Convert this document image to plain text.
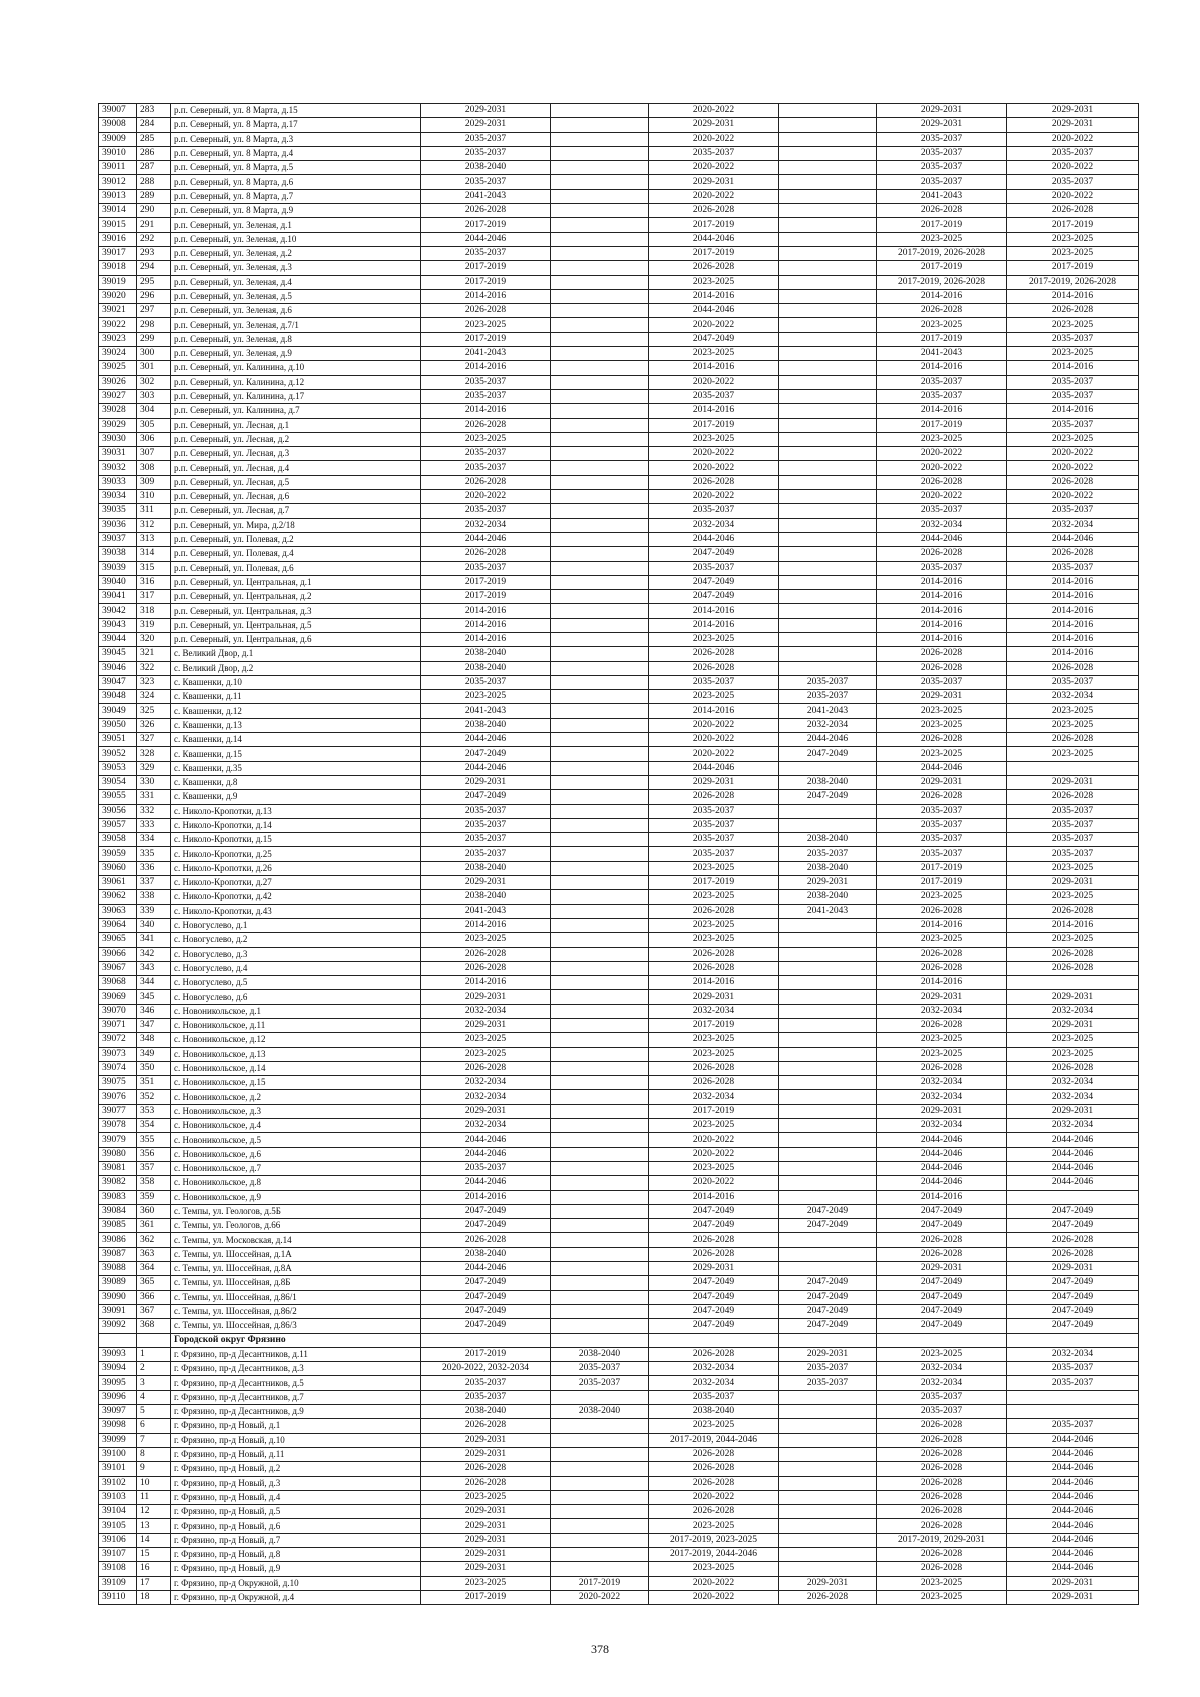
39007	283	р.п. Северный, ул. 8 Марта, д.15	2029-2031		2020-2022		2029-2031	2029-2031
39008	284	р.п. Северный, ул. 8 Марта, д.17	2029-2031		2029-2031		2029-2031	2029-2031
39009	285	р.п. Северный, ул. 8 Марта, д.3	2035-2037		2020-2022		2035-2037	2020-2022
39010	286	р.п. Северный, ул. 8 Марта, д.4	2035-2037		2035-2037		2035-2037	2035-2037
39011	287	р.п. Северный, ул. 8 Марта, д.5	2038-2040		2020-2022		2035-2037	2020-2022
39012	288	р.п. Северный, ул. 8 Марта, д.6	2035-2037		2029-2031		2035-2037	2035-2037
39013	289	р.п. Северный, ул. 8 Марта, д.7	2041-2043		2020-2022		2041-2043	2020-2022
39014	290	р.п. Северный, ул. 8 Марта, д.9	2026-2028		2026-2028		2026-2028	2026-2028
39015	291	р.п. Северный, ул. Зеленая, д.1	2017-2019		2017-2019		2017-2019	2017-2019
39016	292	р.п. Северный, ул. Зеленая, д.10	2044-2046		2044-2046		2023-2025	2023-2025
39017	293	р.п. Северный, ул. Зеленая, д.2	2035-2037		2017-2019		2017-2019, 2026-2028	2023-2025
39018	294	р.п. Северный, ул. Зеленая, д.3	2017-2019		2026-2028		2017-2019	2017-2019
39019	295	р.п. Северный, ул. Зеленая, д.4	2017-2019		2023-2025		2017-2019, 2026-2028	2017-2019, 2026-2028
39020	296	р.п. Северный, ул. Зеленая, д.5	2014-2016		2014-2016		2014-2016	2014-2016
39021	297	р.п. Северный, ул. Зеленая, д.6	2026-2028		2044-2046		2026-2028	2026-2028
39022	298	р.п. Северный, ул. Зеленая, д.7/1	2023-2025		2020-2022		2023-2025	2023-2025
39023	299	р.п. Северный, ул. Зеленая, д.8	2017-2019		2047-2049		2017-2019	2035-2037
39024	300	р.п. Северный, ул. Зеленая, д.9	2041-2043		2023-2025		2041-2043	2023-2025
39025	301	р.п. Северный, ул. Калинина, д.10	2014-2016		2014-2016		2014-2016	2014-2016
39026	302	р.п. Северный, ул. Калинина, д.12	2035-2037		2020-2022		2035-2037	2035-2037
39027	303	р.п. Северный, ул. Калинина, д.17	2035-2037		2035-2037		2035-2037	2035-2037
39028	304	р.п. Северный, ул. Калинина, д.7	2014-2016		2014-2016		2014-2016	2014-2016
39029	305	р.п. Северный, ул. Лесная, д.1	2026-2028		2017-2019		2017-2019	2035-2037
39030	306	р.п. Северный, ул. Лесная, д.2	2023-2025		2023-2025		2023-2025	2023-2025
39031	307	р.п. Северный, ул. Лесная, д.3	2035-2037		2020-2022		2020-2022	2020-2022
39032	308	р.п. Северный, ул. Лесная, д.4	2035-2037		2020-2022		2020-2022	2020-2022
39033	309	р.п. Северный, ул. Лесная, д.5	2026-2028		2026-2028		2026-2028	2026-2028
39034	310	р.п. Северный, ул. Лесная, д.6	2020-2022		2020-2022		2020-2022	2020-2022
39035	311	р.п. Северный, ул. Лесная, д.7	2035-2037		2035-2037		2035-2037	2035-2037
39036	312	р.п. Северный, ул. Мира, д.2/18	2032-2034		2032-2034		2032-2034	2032-2034
39037	313	р.п. Северный, ул. Полевая, д.2	2044-2046		2044-2046		2044-2046	2044-2046
39038	314	р.п. Северный, ул. Полевая, д.4	2026-2028		2047-2049		2026-2028	2026-2028
39039	315	р.п. Северный, ул. Полевая, д.6	2035-2037		2035-2037		2035-2037	2035-2037
39040	316	р.п. Северный, ул. Центральная, д.1	2017-2019		2047-2049		2014-2016	2014-2016
39041	317	р.п. Северный, ул. Центральная, д.2	2017-2019		2047-2049		2014-2016	2014-2016
39042	318	р.п. Северный, ул. Центральная, д.3	2014-2016		2014-2016		2014-2016	2014-2016
39043	319	р.п. Северный, ул. Центральная, д.5	2014-2016		2014-2016		2014-2016	2014-2016
39044	320	р.п. Северный, ул. Центральная, д.6	2014-2016		2023-2025		2014-2016	2014-2016
39045	321	с. Великий Двор, д.1	2038-2040		2026-2028		2026-2028	2014-2016
39046	322	с. Великий Двор, д.2	2038-2040		2026-2028		2026-2028	2026-2028
39047	323	с. Квашенки, д.10	2035-2037		2035-2037	2035-2037	2035-2037	2035-2037
39048	324	с. Квашенки, д.11	2023-2025		2023-2025	2035-2037	2029-2031	2032-2034
39049	325	с. Квашенки, д.12	2041-2043		2014-2016	2041-2043	2023-2025	2023-2025
39050	326	с. Квашенки, д.13	2038-2040		2020-2022	2032-2034	2023-2025	2023-2025
39051	327	с. Квашенки, д.14	2044-2046		2020-2022	2044-2046	2026-2028	2026-2028
39052	328	с. Квашенки, д.15	2047-2049		2020-2022	2047-2049	2023-2025	2023-2025
39053	329	с. Квашенки, д.35	2044-2046		2044-2046		2044-2046	
39054	330	с. Квашенки, д.8	2029-2031		2029-2031	2038-2040	2029-2031	2029-2031
39055	331	с. Квашенки, д.9	2047-2049		2026-2028	2047-2049	2026-2028	2026-2028
39056	332	с. Николо-Кропотки, д.13	2035-2037		2035-2037		2035-2037	2035-2037
39057	333	с. Николо-Кропотки, д.14	2035-2037		2035-2037		2035-2037	2035-2037
39058	334	с. Николо-Кропотки, д.15	2035-2037		2035-2037	2038-2040	2035-2037	2035-2037
39059	335	с. Николо-Кропотки, д.25	2035-2037		2035-2037	2035-2037	2035-2037	2035-2037
39060	336	с. Николо-Кропотки, д.26	2038-2040		2023-2025	2038-2040	2017-2019	2023-2025
39061	337	с. Николо-Кропотки, д.27	2029-2031		2017-2019	2029-2031	2017-2019	2029-2031
39062	338	с. Николо-Кропотки, д.42	2038-2040		2023-2025	2038-2040	2023-2025	2023-2025
39063	339	с. Николо-Кропотки, д.43	2041-2043		2026-2028	2041-2043	2026-2028	2026-2028
39064	340	с. Новогуслево, д.1	2014-2016		2023-2025		2014-2016	2014-2016
39065	341	с. Новогуслево, д.2	2023-2025		2023-2025		2023-2025	2023-2025
39066	342	с. Новогуслево, д.3	2026-2028		2026-2028		2026-2028	2026-2028
39067	343	с. Новогуслево, д.4	2026-2028		2026-2028		2026-2028	2026-2028
39068	344	с. Новогуслево, д.5	2014-2016		2014-2016		2014-2016	
39069	345	с. Новогуслево, д.6	2029-2031		2029-2031		2029-2031	2029-2031
39070	346	с. Новоникольское, д.1	2032-2034		2032-2034		2032-2034	2032-2034
39071	347	с. Новоникольское, д.11	2029-2031		2017-2019		2026-2028	2029-2031
39072	348	с. Новоникольское, д.12	2023-2025		2023-2025		2023-2025	2023-2025
39073	349	с. Новоникольское, д.13	2023-2025		2023-2025		2023-2025	2023-2025
39074	350	с. Новоникольское, д.14	2026-2028		2026-2028		2026-2028	2026-2028
39075	351	с. Новоникольское, д.15	2032-2034		2026-2028		2032-2034	2032-2034
39076	352	с. Новоникольское, д.2	2032-2034		2032-2034		2032-2034	2032-2034
39077	353	с. Новоникольское, д.3	2029-2031		2017-2019		2029-2031	2029-2031
39078	354	с. Новоникольское, д.4	2032-2034		2023-2025		2032-2034	2032-2034
39079	355	с. Новоникольское, д.5	2044-2046		2020-2022		2044-2046	2044-2046
39080	356	с. Новоникольское, д.6	2044-2046		2020-2022		2044-2046	2044-2046
39081	357	с. Новоникольское, д.7	2035-2037		2023-2025		2044-2046	2044-2046
39082	358	с. Новоникольское, д.8	2044-2046		2020-2022		2044-2046	2044-2046
39083	359	с. Новоникольское, д.9	2014-2016		2014-2016		2014-2016	
39084	360	с. Темпы, ул. Геологов, д.5Б	2047-2049		2047-2049	2047-2049	2047-2049	2047-2049
39085	361	с. Темпы, ул. Геологов, д.66	2047-2049		2047-2049	2047-2049	2047-2049	2047-2049
39086	362	с. Темпы, ул. Московская, д.14	2026-2028		2026-2028		2026-2028	2026-2028
39087	363	с. Темпы, ул. Шоссейная, д.1А	2038-2040		2026-2028		2026-2028	2026-2028
39088	364	с. Темпы, ул. Шоссейная, д.8А	2044-2046		2029-2031		2029-2031	2029-2031
39089	365	с. Темпы, ул. Шоссейная, д.8Б	2047-2049		2047-2049	2047-2049	2047-2049	2047-2049
39090	366	с. Темпы, ул. Шоссейная, д.86/1	2047-2049		2047-2049	2047-2049	2047-2049	2047-2049
39091	367	с. Темпы, ул. Шоссейная, д.86/2	2047-2049		2047-2049	2047-2049	2047-2049	2047-2049
39092	368	с. Темпы, ул. Шоссейная, д.86/3	2047-2049		2047-2049	2047-2049	2047-2049	2047-2049
		Городской округ Фрязино						
39093	1	г. Фрязино, пр-д Десантников, д.11	2017-2019	2038-2040	2026-2028	2029-2031	2023-2025	2032-2034
39094	2	г. Фрязино, пр-д Десантников, д.3	2020-2022, 2032-2034	2035-2037	2032-2034	2035-2037	2032-2034	2035-2037
39095	3	г. Фрязино, пр-д Десантников, д.5	2035-2037	2035-2037	2032-2034	2035-2037	2032-2034	2035-2037
39096	4	г. Фрязино, пр-д Десантников, д.7	2035-2037		2035-2037		2035-2037	
39097	5	г. Фрязино, пр-д Десантников, д.9	2038-2040	2038-2040	2038-2040		2035-2037	
39098	6	г. Фрязино, пр-д Новый, д.1	2026-2028		2023-2025		2026-2028	2035-2037
39099	7	г. Фрязино, пр-д Новый, д.10	2029-2031		2017-2019, 2044-2046		2026-2028	2044-2046
39100	8	г. Фрязино, пр-д Новый, д.11	2029-2031		2026-2028		2026-2028	2044-2046
39101	9	г. Фрязино, пр-д Новый, д.2	2026-2028		2026-2028		2026-2028	2044-2046
39102	10	г. Фрязино, пр-д Новый, д.3	2026-2028		2026-2028		2026-2028	2044-2046
39103	11	г. Фрязино, пр-д Новый, д.4	2023-2025		2020-2022		2026-2028	2044-2046
39104	12	г. Фрязино, пр-д Новый, д.5	2029-2031		2026-2028		2026-2028	2044-2046
39105	13	г. Фрязино, пр-д Новый, д.6	2029-2031		2023-2025		2026-2028	2044-2046
39106	14	г. Фрязино, пр-д Новый, д.7	2029-2031		2017-2019, 2023-2025		2017-2019, 2029-2031	2044-2046
39107	15	г. Фрязино, пр-д Новый, д.8	2029-2031		2017-2019, 2044-2046		2026-2028	2044-2046
39108	16	г. Фрязино, пр-д Новый, д.9	2029-2031		2023-2025		2026-2028	2044-2046
39109	17	г. Фрязино, пр-д Окружной, д.10	2023-2025	2017-2019	2020-2022	2029-2031	2023-2025	2029-2031
39110	18	г. Фрязино, пр-д Окружной, д.4	2017-2019	2020-2022	2020-2022	2026-2028	2023-2025	2029-2031
378
